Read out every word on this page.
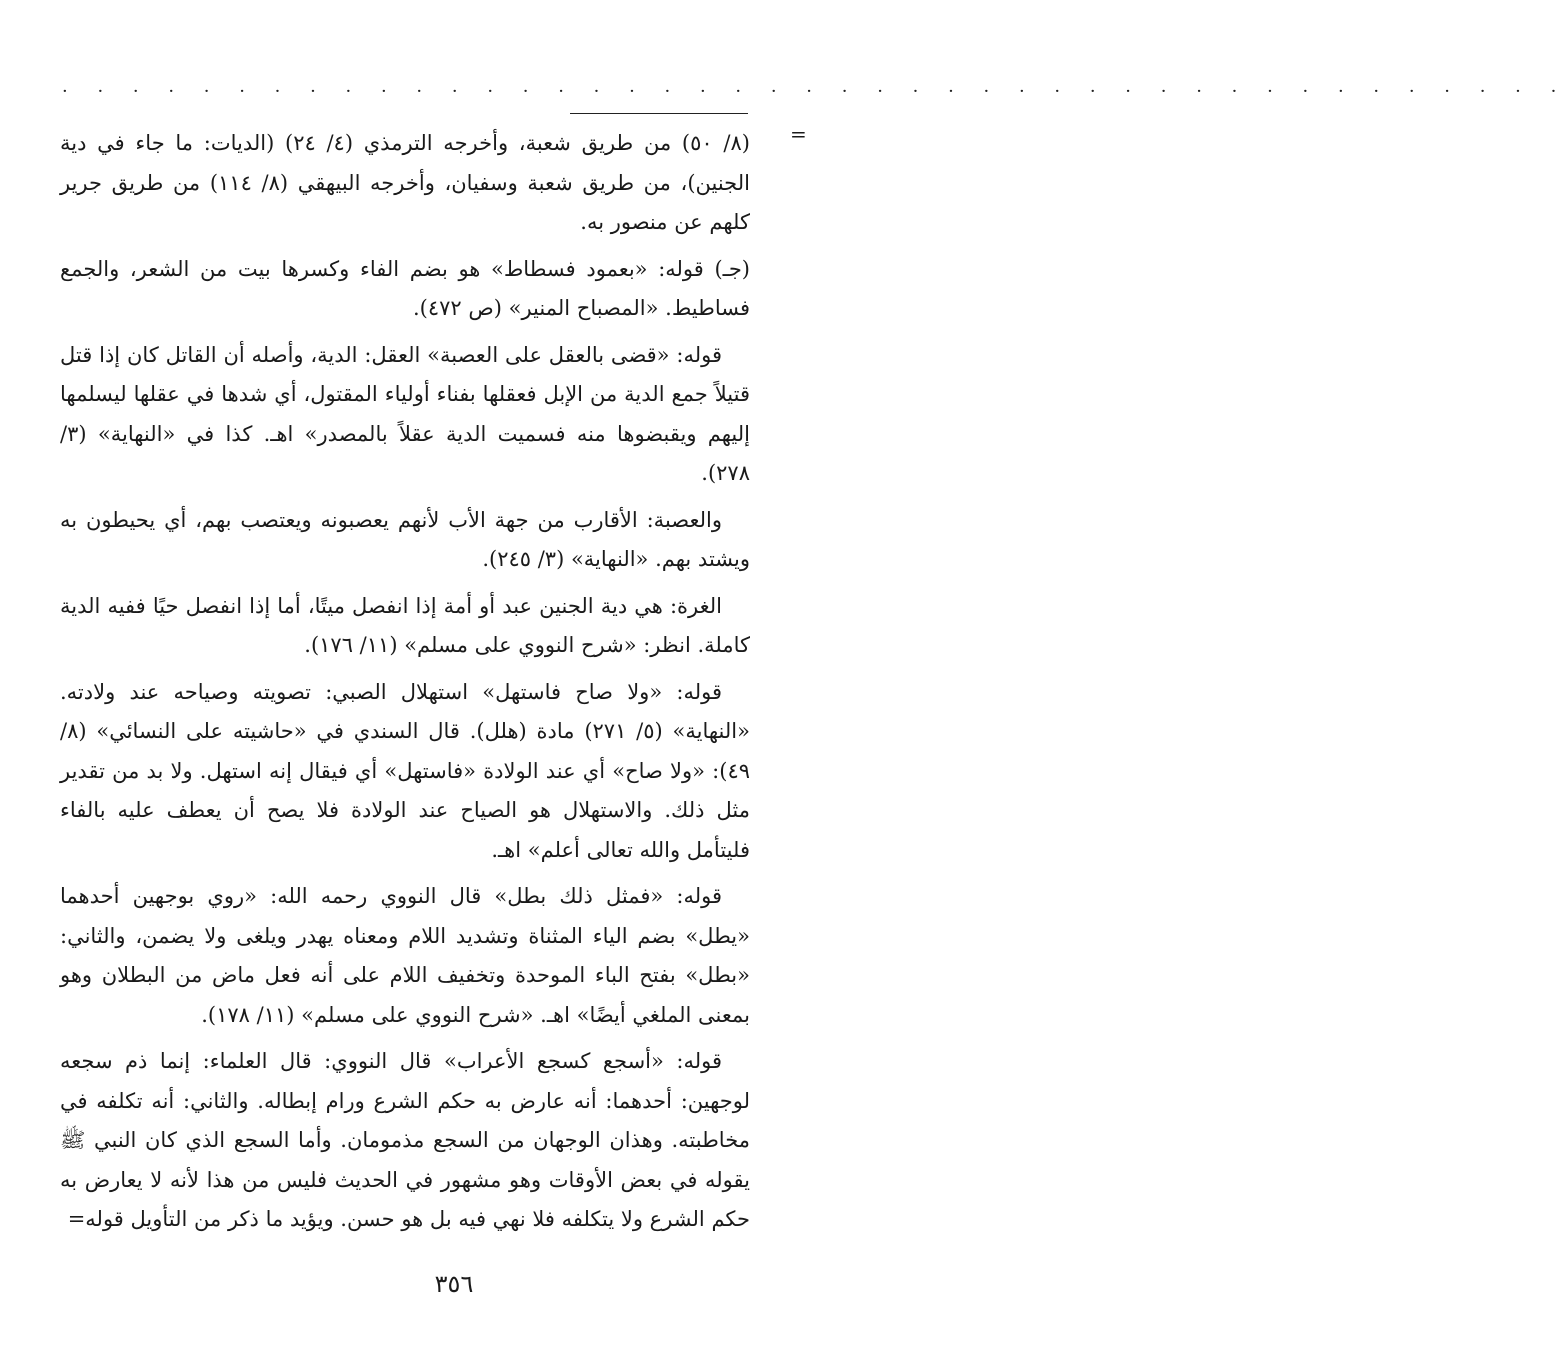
· · · · · · · · · · · · · · · · · · · · · · · · · · · · · · · · · · · · · · · · · · ·
=

(٨/ ٥٠) من طريق شعبة، وأخرجه الترمذي (٤/ ٢٤) (الديات: ما جاء في دية الجنين)، من طريق شعبة وسفيان، وأخرجه البيهقي (٨/ ١١٤) من طريق جرير كلهم عن منصور به.

(جـ) قوله: «بعمود فسطاط» هو بضم الفاء وكسرها بيت من الشعر، والجمع فساطيط. «المصباح المنير» (ص ٤٧٢).

قوله: «قضى بالعقل على العصبة» العقل: الدية، وأصله أن القاتل كان إذا قتل قتيلاً جمع الدية من الإبل فعقلها بفناء أولياء المقتول، أي شدها في عقلها ليسلمها إليهم ويقبضوها منه فسميت الدية عقلاً بالمصدر» اهـ. كذا في «النهاية» (٣/ ٢٧٨).

والعصبة: الأقارب من جهة الأب لأنهم يعصبونه ويعتصب بهم، أي يحيطون به ويشتد بهم. «النهاية» (٣/ ٢٤٥).

الغرة: هي دية الجنين عبد أو أمة إذا انفصل ميتًا، أما إذا انفصل حيًا ففيه الدية كاملة. انظر: «شرح النووي على مسلم» (١١/ ١٧٦).

قوله: «ولا صاح فاستهل» استهلال الصبي: تصويته وصياحه عند ولادته. «النهاية» (٥/ ٢٧١) مادة (هلل). قال السندي في «حاشيته على النسائي» (٨/ ٤٩): «ولا صاح» أي عند الولادة «فاستهل» أي فيقال إنه استهل. ولا بد من تقدير مثل ذلك. والاستهلال هو الصياح عند الولادة فلا يصح أن يعطف عليه بالفاء فليتأمل والله تعالى أعلم» اهـ.

قوله: «فمثل ذلك بطل» قال النووي رحمه الله: «روي بوجهين أحدهما «يطل» بضم الياء المثناة وتشديد اللام ومعناه يهدر ويلغى ولا يضمن، والثاني: «بطل» بفتح الباء الموحدة وتخفيف اللام على أنه فعل ماض من البطلان وهو بمعنى الملغي أيضًا» اهـ. «شرح النووي على مسلم» (١١/ ١٧٨).

قوله: «أسجع كسجع الأعراب» قال النووي: قال العلماء: إنما ذم سجعه لوجهين: أحدهما: أنه عارض به حكم الشرع ورام إبطاله. والثاني: أنه تكلفه في مخاطبته. وهذان الوجهان من السجع مذمومان. وأما السجع الذي كان النبي ﷺ يقوله في بعض الأوقات وهو مشهور في الحديث فليس من هذا لأنه لا يعارض به حكم الشرع ولا يتكلفه فلا نهي فيه بل هو حسن. ويؤيد ما ذكر من التأويل قوله=

٣٥٦
